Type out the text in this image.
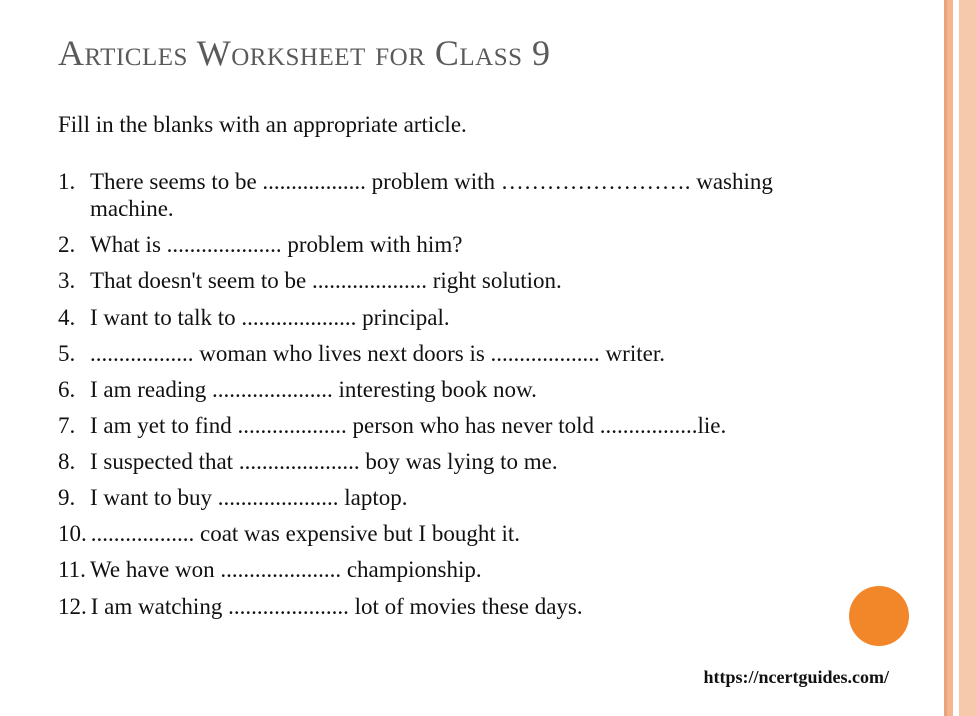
Articles Worksheet for Class 9

Fill in the blanks with an appropriate article.

1. There seems to be .................. problem with ……………………. washing machine.
2. What is .................... problem with him?
3. That doesn't seem to be .................... right solution.
4. I want to talk to .................... principal.
5. .................. woman who lives next doors is ................... writer.
6. I am reading ..................... interesting book now.
7. I am yet to find ................... person who has never told .................lie.
8. I suspected that ..................... boy was lying to me.
9. I want to buy ..................... laptop.
10. .................. coat was expensive but I bought it.
11. We have won ..................... championship.
12. I am watching ..................... lot of movies these days.
https://ncertguides.com/
